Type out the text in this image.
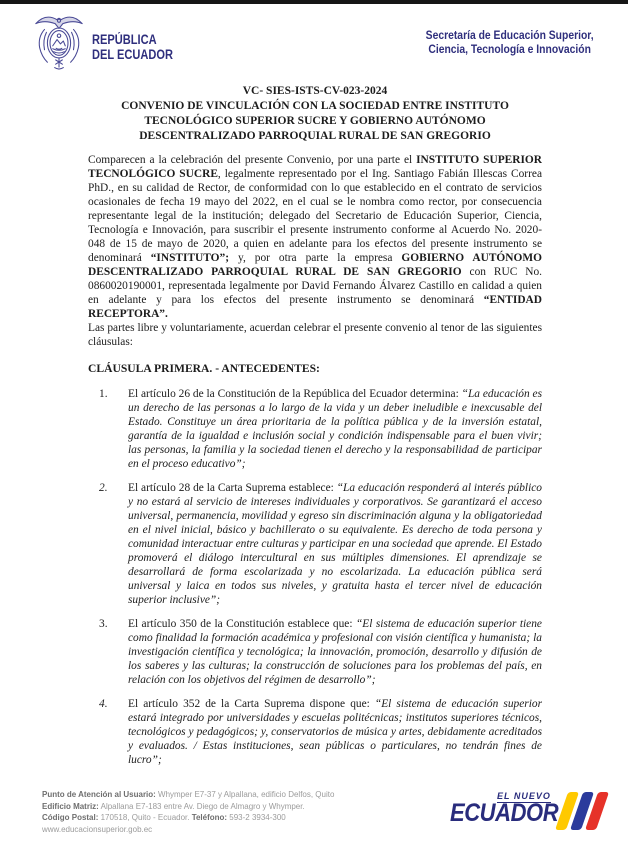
REPÚBLICA
DEL ECUADOR
Secretaría de Educación Superior,
Ciencia, Tecnología e Innovación
VC- SIES-ISTS-CV-023-2024
CONVENIO DE VINCULACIÓN CON LA SOCIEDAD ENTRE INSTITUTO
TECNOLÓGICO SUPERIOR SUCRE Y GOBIERNO AUTÓNOMO
DESCENTRALIZADO PARROQUIAL RURAL DE SAN GREGORIO
Comparecen a la celebración del presente Convenio, por una parte el INSTITUTO SUPERIOR TECNOLÓGICO SUCRE, legalmente representado por el Ing. Santiago Fabián Illescas Correa PhD., en su calidad de Rector, de conformidad con lo que establecido en el contrato de servicios ocasionales de fecha 19 mayo del 2022, en el cual se le nombra como rector, por consecuencia representante legal de la institución; delegado del Secretario de Educación Superior, Ciencia, Tecnología e Innovación, para suscribir el presente instrumento conforme al Acuerdo No. 2020-048 de 15 de mayo de 2020, a quien en adelante para los efectos del presente instrumento se denominará “INSTITUTO”; y, por otra parte la empresa GOBIERNO AUTÓNOMO DESCENTRALIZADO PARROQUIAL RURAL DE SAN GREGORIO con RUC No. 0860020190001, representada legalmente por David Fernando Álvarez Castillo en calidad a quien en adelante y para los efectos del presente instrumento se denominará “ENTIDAD RECEPTORA”.
Las partes libre y voluntariamente, acuerdan celebrar el presente convenio al tenor de las siguientes cláusulas:
CLÁUSULA PRIMERA. - ANTECEDENTES:
1.	El artículo 26 de la Constitución de la República del Ecuador determina: “La educación es un derecho de las personas a lo largo de la vida y un deber ineludible e inexcusable del Estado. Constituye un área prioritaria de la política pública y de la inversión estatal, garantía de la igualdad e inclusión social y condición indispensable para el buen vivir; las personas, la familia y la sociedad tienen el derecho y la responsabilidad de participar en el proceso educativo”;
2.	El artículo 28 de la Carta Suprema establece: “La educación responderá al interés público y no estará al servicio de intereses individuales y corporativos. Se garantizará el acceso universal, permanencia, movilidad y egreso sin discriminación alguna y la obligatoriedad en el nivel inicial, básico y bachillerato o su equivalente. Es derecho de toda persona y comunidad interactuar entre culturas y participar en una sociedad que aprende. El Estado promoverá el diálogo intercultural en sus múltiples dimensiones. El aprendizaje se desarrollará de forma escolarizada y no escolarizada. La educación pública será universal y laica en todos sus niveles, y gratuita hasta el tercer nivel de educación superior inclusive”;
3.	El artículo 350 de la Constitución establece que: “El sistema de educación superior tiene como finalidad la formación académica y profesional con visión científica y humanista; la investigación científica y tecnológica; la innovación, promoción, desarrollo y difusión de los saberes y las culturas; la construcción de soluciones para los problemas del país, en relación con los objetivos del régimen de desarrollo”;
4.	El artículo 352 de la Carta Suprema dispone que: “El sistema de educación superior estará integrado por universidades y escuelas politécnicas; institutos superiores técnicos, tecnológicos y pedagógicos; y, conservatorios de música y artes, debidamente acreditados y evaluados. / Estas instituciones, sean públicas o particulares, no tendrán fines de lucro”;
Punto de Atención al Usuario: Whymper E7-37 y Alpallana, edificio Delfos, Quito
Edificio Matriz: Alpallana E7-183 entre Av. Diego de Almagro y Whymper.
Código Postal: 170518, Quito - Ecuador. Teléfono: 593-2 3934-300
www.educacionsuperior.gob.ec
EL NUEVO
ECUADOR
